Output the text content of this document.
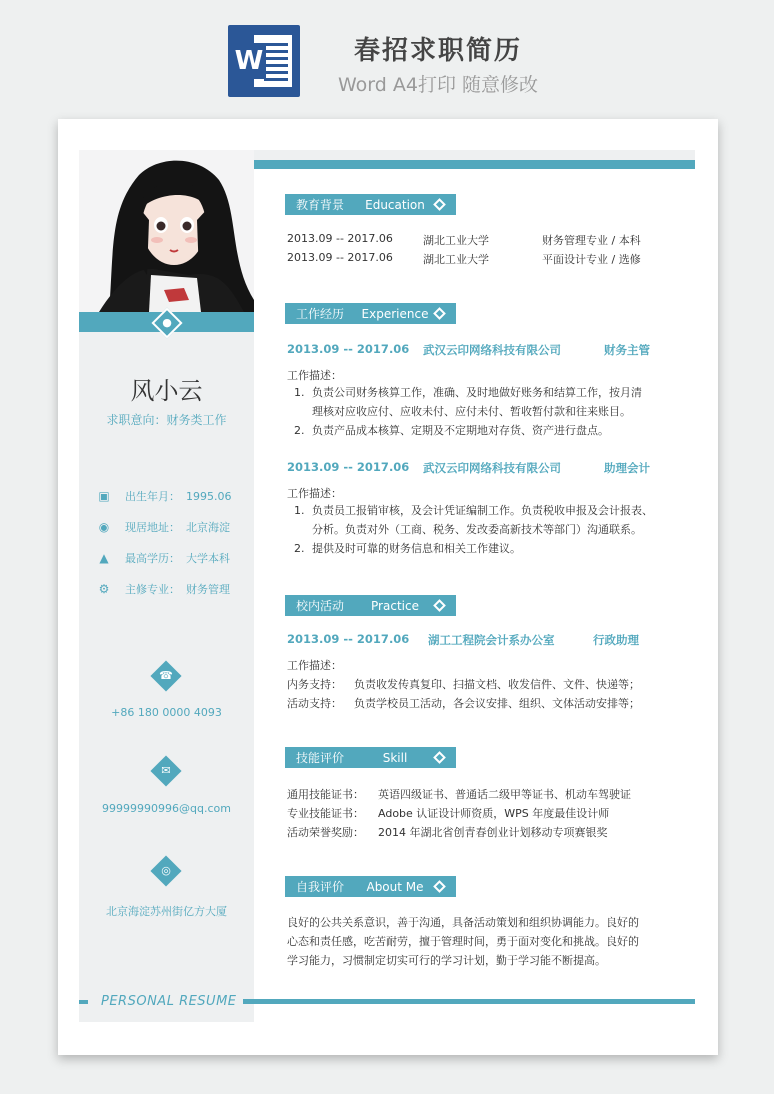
W	春招求职简历
Word A4打印 随意修改
●
风小云
求职意向：财务类工作
▣ 出生年月： 1995.06
◉ 现居地址： 北京海淀
▲ 最高学历： 大学本科
⚙ 主修专业： 财务管理
☎
+86 180 0000 4093
✉
99999990996@qq.com
◎
北京海淀苏州街亿方大厦
教育背景	Education
2013.09 -- 2017.06	湖北工业大学	财务管理专业 / 本科
2013.09 -- 2017.06	湖北工业大学	平面设计专业 / 选修
工作经历	Experience
2013.09 -- 2017.06 武汉云印网络科技有限公司	财务主管
工作描述：
1. 负责公司财务核算工作，准确、及时地做好账务和结算工作，按月清
理核对应收应付、应收未付、应付未付、暂收暂付款和往来账目。
2. 负责产品成本核算、定期及不定期地对存货、资产进行盘点。
2013.09 -- 2017.06 武汉云印网络科技有限公司	助理会计
工作描述：
1. 负责员工报销审核，及会计凭证编制工作。负责税收申报及会计报表、
分析。负责对外（工商、税务、发改委高新技术等部门）沟通联系。
2. 提供及时可靠的财务信息和相关工作建议。
校内活动	Practice
2013.09 -- 2017.06 湖工工程院会计系办公室	行政助理
工作描述：
内务支持： 负责收发传真复印、扫描文档、收发信件、文件、快递等；
活动支持： 负责学校员工活动，各会议安排、组织、文体活动安排等；
技能评价	Skill
通用技能证书： 英语四级证书、普通话二级甲等证书、机动车驾驶证
专业技能证书： Adobe 认证设计师资质，WPS 年度最佳设计师
活动荣誉奖励： 2014 年湖北省创青春创业计划移动专项赛银奖
自我评价	About Me
良好的公共关系意识，善于沟通，具备活动策划和组织协调能力。良好的
心态和责任感，吃苦耐劳，擅于管理时间，勇于面对变化和挑战。良好的
学习能力，习惯制定切实可行的学习计划，勤于学习能不断提高。
PERSONAL RESUME
